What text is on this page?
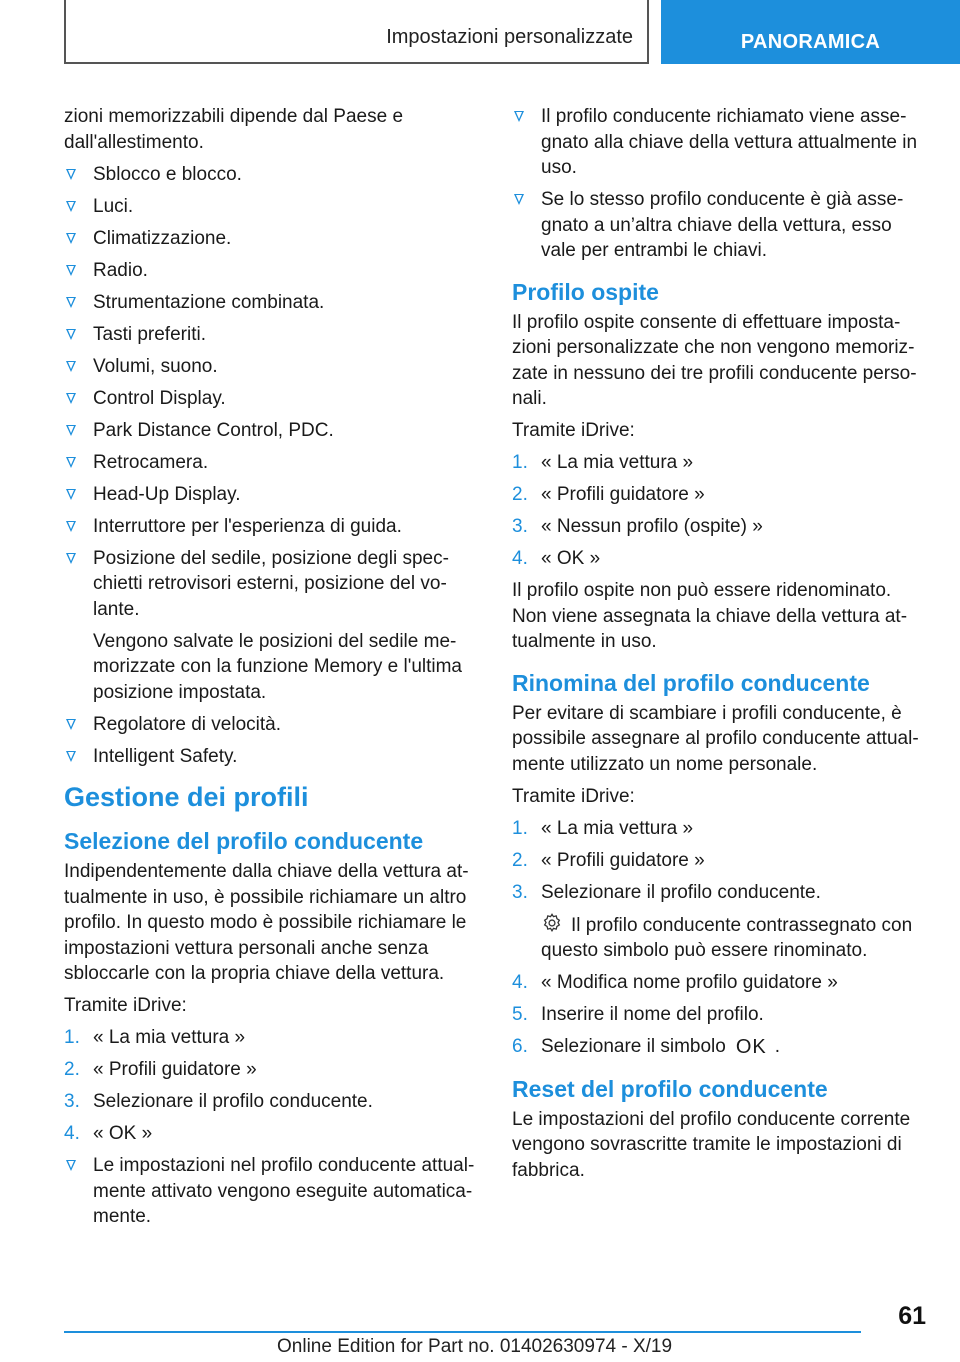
Impostazioni personalizzate	PANORAMICA

zioni memorizzabili dipende dal Paese e dall'allestimento.

Sblocco e blocco.
Luci.
Climatizzazione.
Radio.
Strumentazione combinata.
Tasti preferiti.
Volumi, suono.
Control Display.
Park Distance Control, PDC.
Retrocamera.
Head-Up Display.
Interruttore per l'esperienza di guida.
Posizione del sedile, posizione degli specchietti retrovisori esterni, posizione del volante.
Vengono salvate le posizioni del sedile memorizzate con la funzione Memory e l'ultima posizione impostata.
Regolatore di velocità.
Intelligent Safety.
Gestione dei profili
Selezione del profilo conducente

Indipendentemente dalla chiave della vettura attualmente in uso, è possibile richiamare un altro profilo. In questo modo è possibile richiamare le impostazioni vettura personali anche senza sbloccarle con la propria chiave della vettura.

Tramite iDrive:

1. « La mia vettura »
2. « Profili guidatore »
3. Selezionare il profilo conducente.
4. « OK »
Le impostazioni nel profilo conducente attualmente attivato vengono eseguite automaticamente.
Il profilo conducente richiamato viene assegnato alla chiave della vettura attualmente in uso.
Se lo stesso profilo conducente è già assegnato a un’altra chiave della vettura, esso vale per entrambi le chiavi.
Profilo ospite

Il profilo ospite consente di effettuare impostazioni personalizzate che non vengono memorizzate in nessuno dei tre profili conducente personali.

Tramite iDrive:

1. « La mia vettura »
2. « Profili guidatore »
3. « Nessun profilo (ospite) »
4. « OK »

Il profilo ospite non può essere ridenominato. Non viene assegnata la chiave della vettura attualmente in uso.

Rinomina del profilo conducente

Per evitare di scambiare i profili conducente, è possibile assegnare al profilo conducente attualmente utilizzato un nome personale.

Tramite iDrive:

1. « La mia vettura »
2. « Profili guidatore »
3. Selezionare il profilo conducente.
Il profilo conducente contrassegnato con questo simbolo può essere rinominato.
4. « Modifica nome profilo guidatore »
5. Inserire il nome del profilo.
6. Selezionare il simbolo OK .
Reset del profilo conducente

Le impostazioni del profilo conducente corrente vengono sovrascritte tramite le impostazioni di fabbrica.

61
Online Edition for Part no. 01402630974 - X/19
